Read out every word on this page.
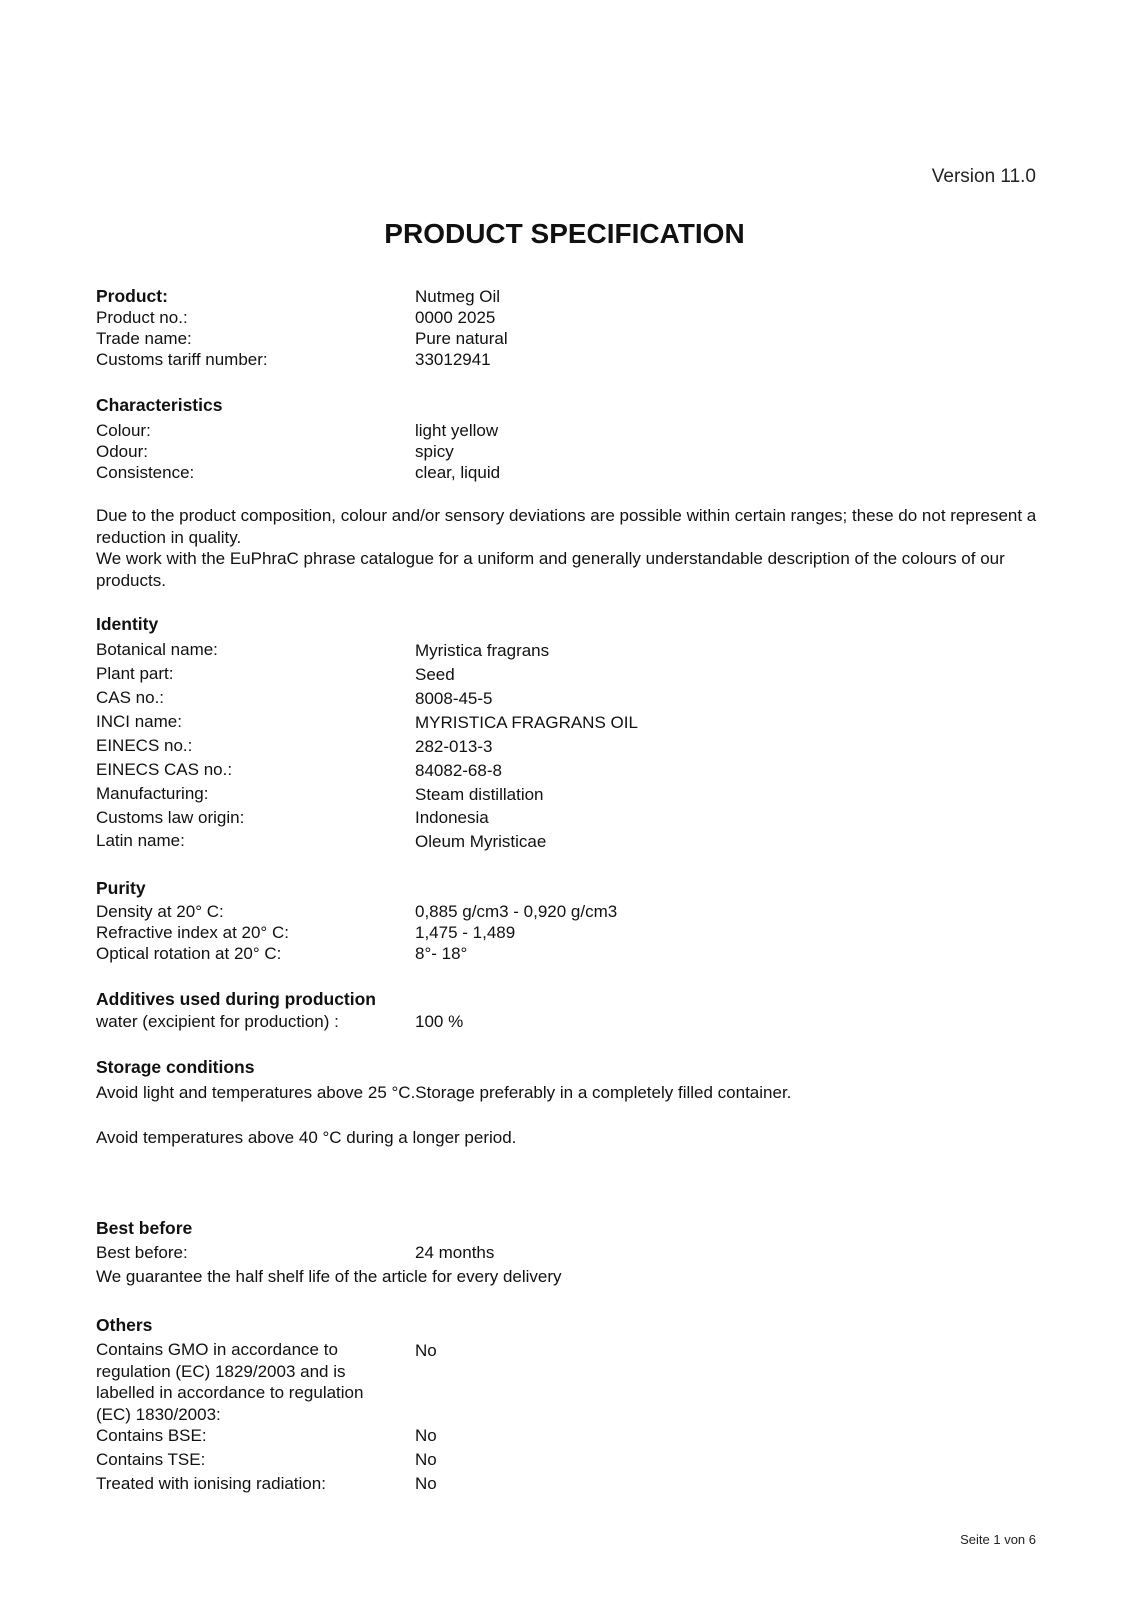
Version 11.0
PRODUCT SPECIFICATION
Product:	Nutmeg Oil
Product no.:	0000 2025
Trade name:	Pure natural
Customs tariff number:	33012941
Characteristics
Colour:	light yellow
Odour:	spicy
Consistence:	clear, liquid
Due to the product composition, colour and/or sensory deviations are possible within certain ranges; these do not represent a reduction in quality.
We work with the EuPhraC phrase catalogue for a uniform and generally understandable description of the colours of our products.
Identity
Botanical name:	Myristica fragrans
Plant part:	Seed
CAS no.:	8008-45-5
INCI name:	MYRISTICA FRAGRANS OIL
EINECS no.:	282-013-3
EINECS CAS no.:	84082-68-8
Manufacturing:	Steam distillation
Customs law origin:	Indonesia
Latin name:	Oleum Myristicae
Purity
Density at 20° C:	0,885 g/cm3 - 0,920 g/cm3
Refractive index at 20° C:	1,475 - 1,489
Optical rotation at 20° C:	8°- 18°
Additives used during production
water (excipient for production) :	100 %
Storage conditions
Avoid light and temperatures above 25 °C.Storage preferably in a completely filled container.
Avoid temperatures above 40 °C during a longer period.
Best before
Best before:	24 months
We guarantee the half shelf life of the article for every delivery
Others
Contains GMO in accordance to regulation (EC) 1829/2003 and is labelled in accordance to regulation (EC) 1830/2003:
No
Contains BSE:	No
Contains TSE:	No
Treated with ionising radiation:	No
Seite 1 von 6
